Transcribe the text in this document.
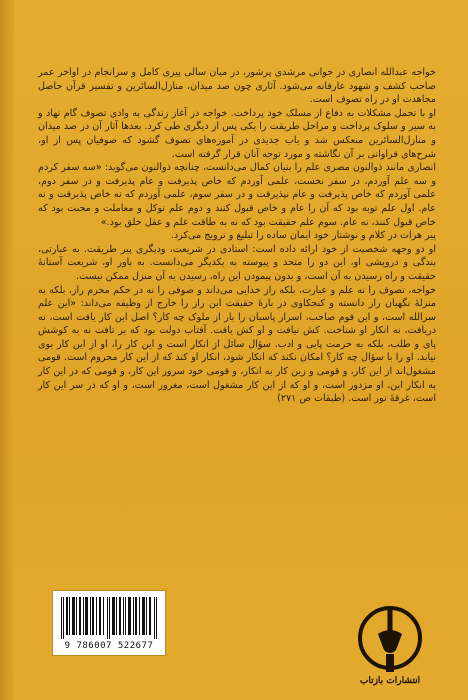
خواجه عبدالله انصاری در جوانی مرشدی پرشور، در میان سالی پیری کامل و سرانجام در اواخر عمر صاحب کشف و شهود عارفانه می‌شود. آثاری چون صد میدان، منازل‌السائرین و تفسیر قرآن حاصل مجاهدت او در راه تصوف است.

او با تحمل مشکلات به دفاع از مسلک خود پرداخت. خواجه در آغاز زندگی به وادی تصوف گام نهاد و به سیر و سلوک پرداخت و مراحل طریقت را یکی پس از دیگری طی کرد. بعدها آثار آن در صد میدان و منازل‌السائرین منعکس شد و باب جدیدی در آموزه‌های تصوف گشود که صوفیان پس از او، شرح‌های فراوانی بر آن نگاشته و مورد توجه آنان قرار گرفته است.

انصاری مانند ذوالنون مصری علم را بنیان کمال می‌دانست، چنانچه ذوالنون می‌گوید: «سه سفر کردم و سه علم آوردم، در سفر نخست، علمی آوردم که خاص پذیرفت و عام پذیرفت و در سفر دوم، علمی آوردم که خاص پذیرفت و عام نپذیرفت و در سفر سوم، علمی آوردم که نه خاص پذیرفت و نه عام. اول علم توبه بود که آن را عام و خاص قبول کنند و دوم علم توکل و معاملت و محبت بود که خاص قبول کنند، نه عام. سوم علم حقیقت بود که نه به طاقت علم و عقل خلق بود.»

پیر هرات در کلام و نوشتار خود ایمان ساده را تبلیغ و ترویج می‌کرد.

او دو وجهه شخصیت از خود ارائه داده است: استادی در شریعت، ودیگری پیر طریقت. به عبارتی، بندگی و درویشی او، این دو را متحد و پیوسته به یکدیگر می‌دانست. به باور او، شریعت آستانهٔ حقیقت و راه رسیدن به آن است، و بدون پیمودن این راه، رسیدن به آن منزل ممکن نیست.

خواجه، تصوف را نه علم و عبارت، بلکه راز خدایی می‌داند و صوفی را نه در حکم محرم راز، بلکه به منزلهٔ نگهبان راز دانسته و کنجکاوی در بارهٔ حقیقت این راز را خارج از وظیفه می‌داند: «این علم سرالله است، و این قوم صاحب، اسرار پاسبان را بار از ملوک چه کار؟ اصل این کار یافت است، نه دریافت، نه انکار او شناخت. کش نیافت و او کش یافت. آفتاب دولت بود که بر تافت نه به کوشش پای و طلب، بلکه به حرمت پایی و ادب. سؤال سائل از انکار است و این کار را، او از این کار بوی نیابد. او را با سؤال چه کار؟ امکان نکند که انکار شود، انکار او کند که از این کار محروم است. قومی مشغول‌اند از این کار، و قومی و زین کار به انکار، و قومی خود سرور این کار، و قومی که در این کار به انکار این، او مزدور است، و او که از این کار مشغول است، مغرور است، و او که در سر این کار است، غرقهٔ نور است. (طبقات ص ۲۷۱)

9 786007 522677
انتشارات بازتاب
